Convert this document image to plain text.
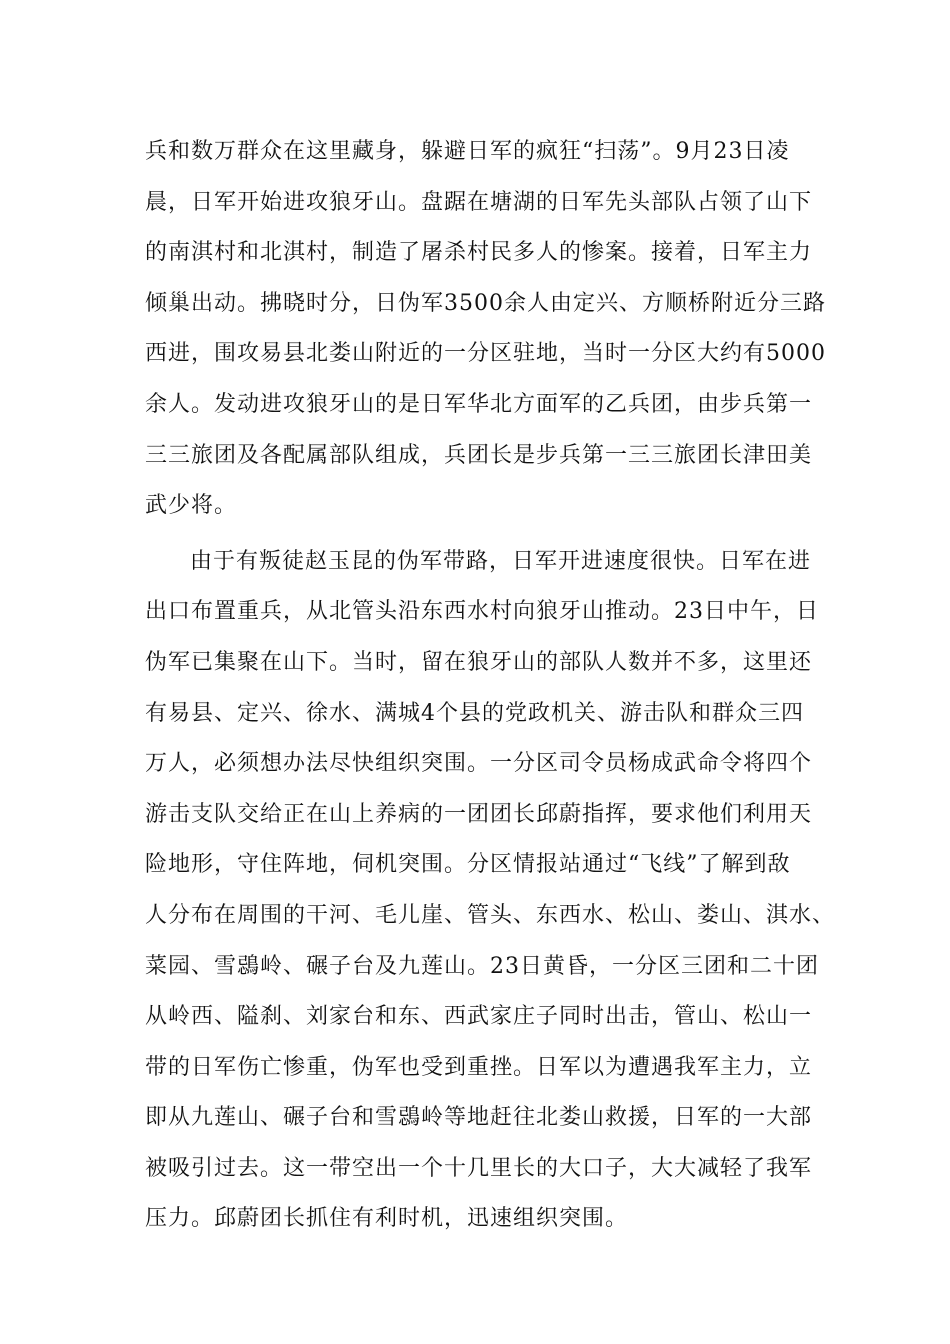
兵和数万群众在这里藏身，躲避日军的疯狂“扫荡”。9月23日凌
晨，日军开始进攻狼牙山。盘踞在塘湖的日军先头部队占领了山下
的南淇村和北淇村，制造了屠杀村民多人的惨案。接着，日军主力
倾巢出动。拂晓时分，日伪军3500余人由定兴、方顺桥附近分三路
西进，围攻易县北娄山附近的一分区驻地，当时一分区大约有5000
余人。发动进攻狼牙山的是日军华北方面军的乙兵团，由步兵第一
三三旅团及各配属部队组成，兵团长是步兵第一三三旅团长津田美
武少将。
由于有叛徒赵玉昆的伪军带路，日军开进速度很快。日军在进
出口布置重兵，从北管头沿东西水村向狼牙山推动。23日中午，日
伪军已集聚在山下。当时，留在狼牙山的部队人数并不多，这里还
有易县、定兴、徐水、满城4个县的党政机关、游击队和群众三四
万人，必须想办法尽快组织突围。一分区司令员杨成武命令将四个
游击支队交给正在山上养病的一团团长邱蔚指挥，要求他们利用天
险地形，守住阵地，伺机突围。分区情报站通过“飞线”了解到敌
人分布在周围的干河、毛儿崖、管头、东西水、松山、娄山、淇水、
菜园、雪鵋岭、碾子台及九莲山。23日黄昏，一分区三团和二十团
从岭西、隘刹、刘家台和东、西武家庄子同时出击，管山、松山一
带的日军伤亡惨重，伪军也受到重挫。日军以为遭遇我军主力，立
即从九莲山、碾子台和雪鵋岭等地赶往北娄山救援，日军的一大部
被吸引过去。这一带空出一个十几里长的大口子，大大减轻了我军
压力。邱蔚团长抓住有利时机，迅速组织突围。
